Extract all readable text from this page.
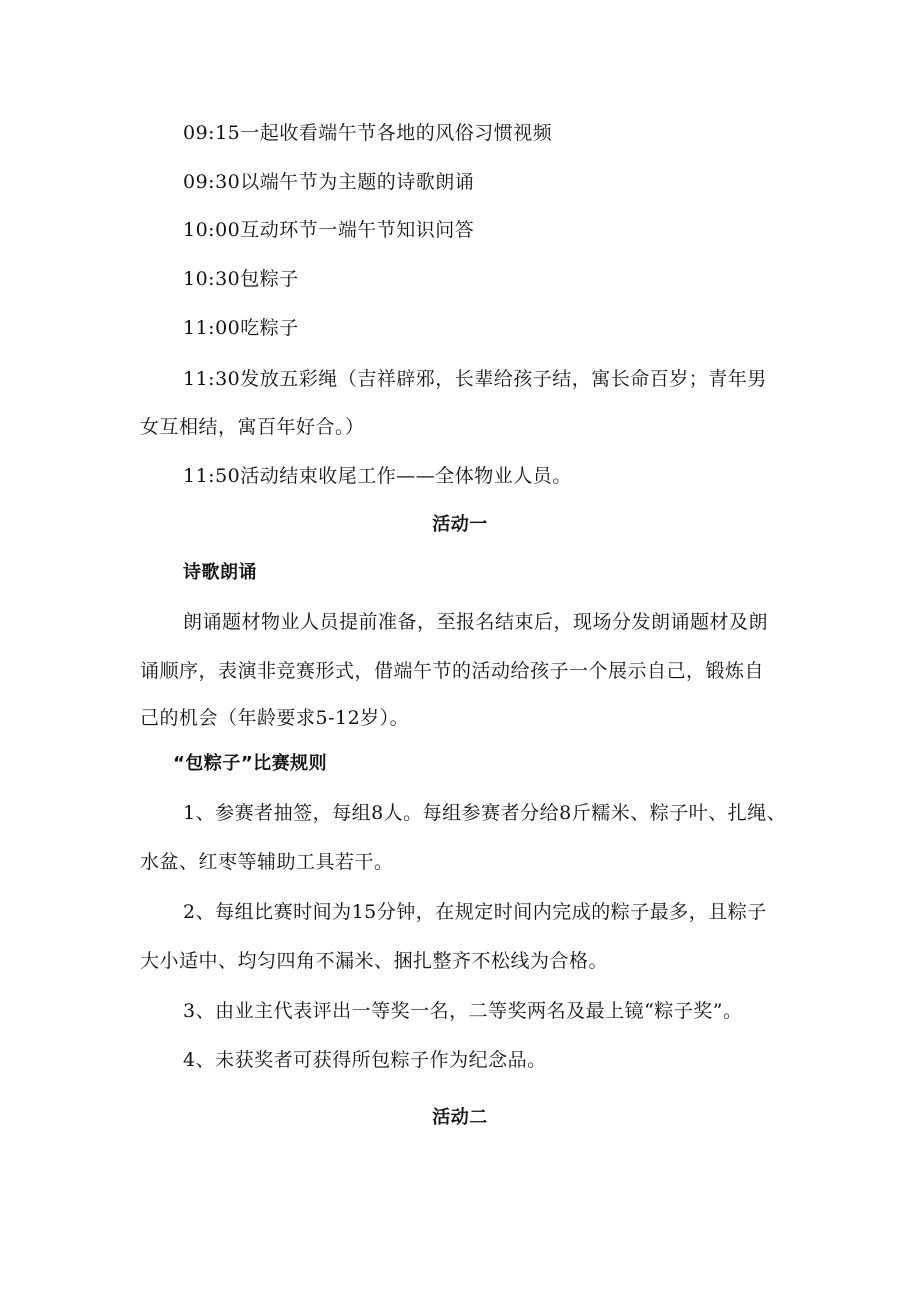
09:15一起收看端午节各地的风俗习惯视频
09:30以端午节为主题的诗歌朗诵
10:00互动环节一端午节知识问答
10:30包粽子
11:00吃粽子
11:30发放五彩绳（吉祥辟邪，长辈给孩子结，寓长命百岁；青年男
女互相结，寓百年好合。）
11:50活动结束收尾工作——全体物业人员。
活动一
诗歌朗诵
朗诵题材物业人员提前准备，至报名结束后，现场分发朗诵题材及朗
诵顺序，表演非竞赛形式，借端午节的活动给孩子一个展示自己，锻炼自
己的机会（年龄要求5-12岁）。
“包粽子”比赛规则
1、参赛者抽签，每组8人。每组参赛者分给8斤糯米、粽子叶、扎绳、
水盆、红枣等辅助工具若干。
2、每组比赛时间为15分钟，在规定时间内完成的粽子最多，且粽子
大小适中、均匀四角不漏米、捆扎整齐不松线为合格。
3、由业主代表评出一等奖一名，二等奖两名及最上镜“粽子奖”。
4、未获奖者可获得所包粽子作为纪念品。
活动二
